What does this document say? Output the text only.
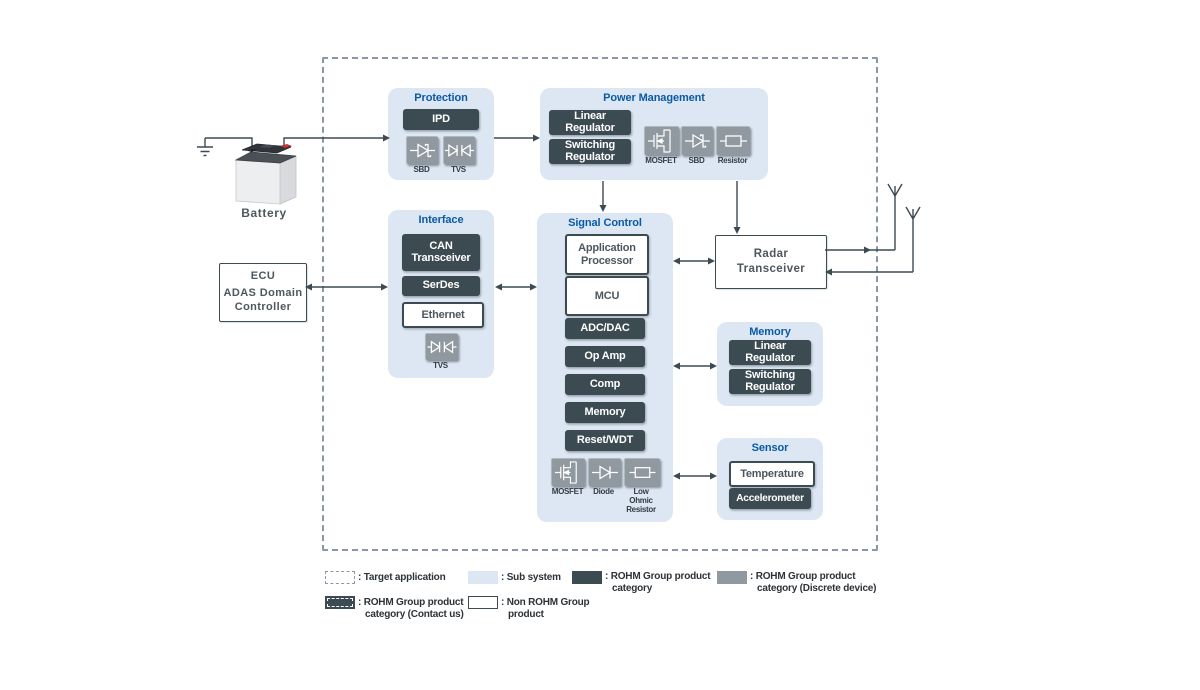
Protection
IPD
SBD	TVS
Power Management
Linear Regulator
Switching Regulator	MOSFET	SBD	Resistor
Interface
CAN Transceiver
SerDes
Ethernet
TVS
Signal Control
Application Processor
MCU
ADC/DAC
Op Amp
Comp
Memory
Reset/WDT
MOSFET	Diode	Low Ohmic Resistor
Memory
Linear Regulator
Switching Regulator
Sensor
Temperature
Accelerometer
Radar
Transceiver
ECU
ADAS Domain
Controller
Battery
: Target application	: Sub system	: ROHM Group product
category
: ROHM Group product
category (Discrete device)
: ROHM Group product
category (Contact us)
: Non ROHM Group
product
